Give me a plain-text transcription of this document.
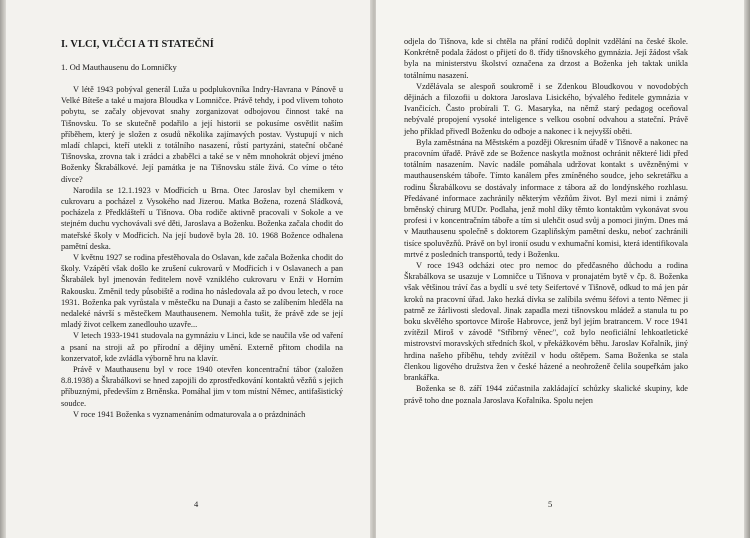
I. VLCI, VLČCI A TI STATEČNÍ
1. Od Mauthausenu do Lomničky

V létě 1943 pobýval generál Luža u podplukovníka Indry-Havrana v Pánově u Velké Bíteše a také u majora Bloudka v Lomničce. Právě tehdy, i pod vlivem tohoto pobytu, se začaly objevovat snahy zorganizovat odbojovou činnost také na Tišnovsku. To se skutečně podařilo a její historii se pokusíme osvětlit naším příběhem, který je složen z osudů několika zajímavých postav. Vystupují v nich mladí chlapci, kteří utekli z totálního nasazení, růstí partyzáni, stateční občané Tišnovska, zrovna tak i zrádci a zbabělci a také se v něm mnohokrát objeví jméno Boženky Škrabálkové. Její památka je na Tišnovsku stále živá. Co víme o této dívce?

Narodila se 12.1.1923 v Modřicích u Brna. Otec Jaroslav byl chemikem v cukrovaru a pocházel z Vysokého nad Jizerou. Matka Božena, rozená Sládková, pocházela z Předklášteří u Tišnova. Oba rodiče aktivně pracovali v Sokole a ve stejném duchu vychovávali své děti, Jaroslava a Boženku. Boženka začala chodit do mateřské školy v Modřicích. Na její budově byla 28. 10. 1968 Božence odhalena pamětní deska.

V květnu 1927 se rodina přestěhovala do Oslavan, kde začala Boženka chodit do školy. Vzápětí však došlo ke zrušení cukrovarů v Modřicích i v Oslavanech a pan Škrabálek byl jmenován ředitelem nově vzniklého cukrovaru v Enži v Horním Rakousku. Změnil tedy působiště a rodina ho následovala až po dvou letech, v roce 1931. Boženka pak vyrůstala v městečku na Dunaji a často se zalíbením hleděla na nedaleké návrší s městečkem Mauthausenem. Nemohla tušit, že právě zde se její mladý život celkem zanedlouho uzavře...

V letech 1933-1941 studovala na gymnáziu v Linci, kde se naučila vše od vaření a psaní na stroji až po přírodní a dějiny umění. Externě přitom chodila na konzervatoř, kde zvládla výborně hru na klavír.

Právě v Mauthausenu byl v roce 1940 otevřen koncentrační tábor (založen 8.8.1938) a Škrabálkovi se hned zapojili do zprostředkování kontaktů vězňů s jejich příbuznými, především z Brněnska. Pomáhal jim v tom místní Němec, antifašistický soudce.

V roce 1941 Boženka s vyznamenáním odmaturovala a o prázdninách

4

odjela do Tišnova, kde si chtěla na přání rodičů doplnit vzdělání na české škole. Konkrétně podala žádost o přijetí do 8. třídy tišnovského gymnázia. Její žádost však byla na ministerstvu školství označena za drzost a Boženka jeh taktak unikla totálnímu nasazení.

Vzdělávala se alespoň soukromě i se Zdenkou Bloudkovou v novodobých dějinách a filozofii u doktora Jaroslava Lisického, bývalého ředitele gymnázia v Ivančicích. Často probírali T. G. Masaryka, na němž starý pedagog oceňoval nebývalé propojení vysoké inteligence s velkou osobní odvahou a stateční. Právě jeho příklad přivedl Boženku do odboje a nakonec i k nejvyšší oběti.

Byla zaměstnána na Městském a později Okresním úřadě v Tišnově a nakonec na pracovním úřadě. Právě zde se Božence naskytla možnost ochránit některé lidi před totálním nasazením. Navíc nadále pomáhala udržovat kontakt s uvězněnými v mauthausenském táboře. Tímto kanálem přes zmíněného soudce, jeho sekretářku a rodinu Škrabálkovu se dostávaly informace z tábora až do londýnského rozhlasu. Předávané informace zachránily některým vězňům život. Byl mezi nimi i známý brněnský chirurg MUDr. Podlaha, jenž mohl díky těmto kontaktům vykonávat svou profesi i v koncentračním táboře a tím si ulehčit osud svůj a pomoci jiným. Dnes má v Mauthausenu společně s doktorem Gzapliňským pamětní desku, neboť zachránili tisíce spoluvězňů. Právě on byl ironií osudu v exhumační komisi, která identifikovala mrtvé z posledních transportů, tedy i Boženku.

V roce 1943 odcházi otec pro nemoc do předčasného důchodu a rodina Škrabálkova se usazuje v Lomničce u Tišnova v pronajatém bytě v čp. 8. Boženka však většinou tráví čas a bydlí u své tety Seifertové v Tišnově, odkud to má jen pár kroků na pracovní úřad. Jako hezká dívka se zalíbila svému šéfovi a tento Němec ji patrně ze žárlivosti sledoval. Jinak zapadla mezi tišnovskou mládež a stanula tu po boku skvělého sportovce Miroše Habrovce, jenž byl jejím bratrancem. V roce 1941 zvítězil Miroš v závodě "Stříbrný věnec", což bylo neoficiální lehkoatletické mistrovství moravských středních škol, v překážkovém běhu. Jaroslav Kořalník, jiný hrdina našeho příběhu, tehdy zvítězil v hodu oštěpem. Sama Boženka se stala členkou ligového družstva žen v české házené a neohroženě čelila soupeřkám jako brankářka.

Boženka se 8. září 1944 zúčastnila zakládající schůzky skalické skupiny, kde právě toho dne poznala Jaroslava Kořalníka. Spolu nejen

5
